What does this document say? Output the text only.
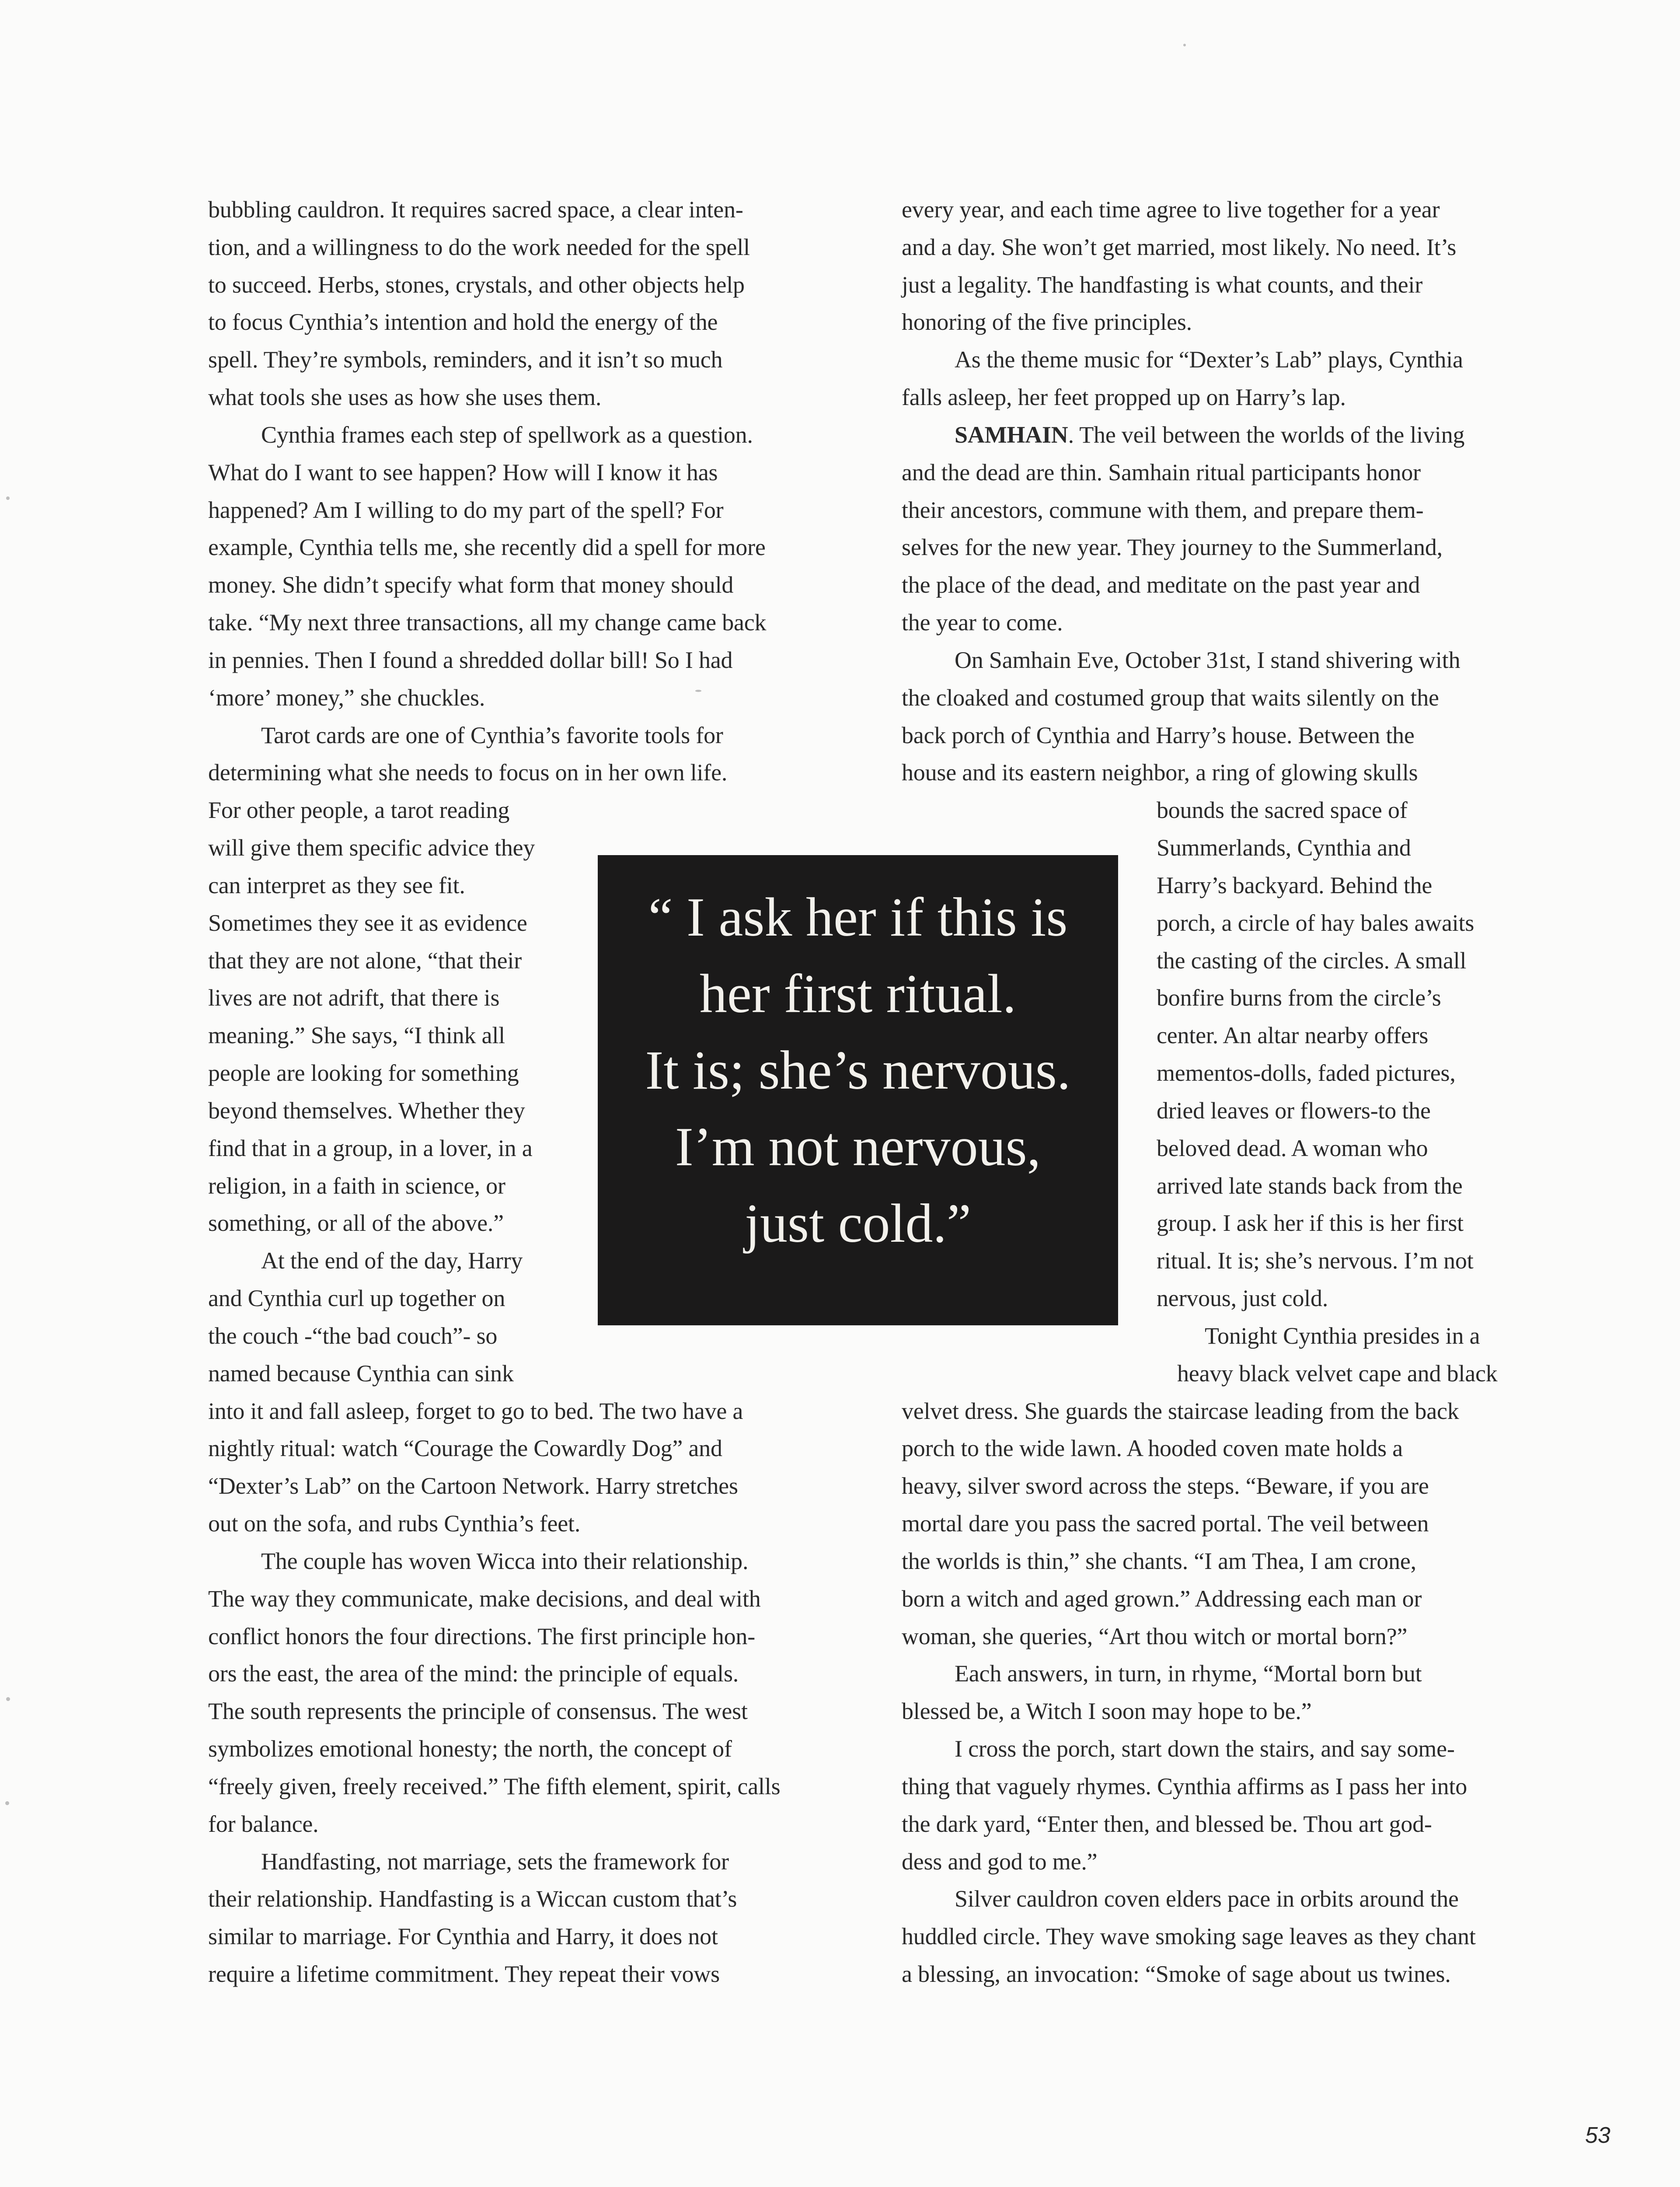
bubbling cauldron. It requires sacred space, a clear inten-
tion, and a willingness to do the work needed for the spell
to succeed. Herbs, stones, crystals, and other objects help
to focus Cynthia’s intention and hold the energy of the
spell. They’re symbols, reminders, and it isn’t so much
what tools she uses as how she uses them.
Cynthia frames each step of spellwork as a question.
What do I want to see happen? How will I know it has
happened? Am I willing to do my part of the spell? For
example, Cynthia tells me, she recently did a spell for more
money. She didn’t specify what form that money should
take. “My next three transactions, all my change came back
in pennies. Then I found a shredded dollar bill! So I had
‘more’ money,” she chuckles.
Tarot cards are one of Cynthia’s favorite tools for
determining what she needs to focus on in her own life.
For other people, a tarot reading
will give them specific advice they
can interpret as they see fit.
Sometimes they see it as evidence
that they are not alone, “that their
lives are not adrift, that there is
meaning.” She says, “I think all
people are looking for something
beyond themselves. Whether they
find that in a group, in a lover, in a
religion, in a faith in science, or
something, or all of the above.”
At the end of the day, Harry
and Cynthia curl up together on
the couch -“the bad couch”- so
named because Cynthia can sink
into it and fall asleep, forget to go to bed. The two have a
nightly ritual: watch “Courage the Cowardly Dog” and
“Dexter’s Lab” on the Cartoon Network. Harry stretches
out on the sofa, and rubs Cynthia’s feet.
The couple has woven Wicca into their relationship.
The way they communicate, make decisions, and deal with
conflict honors the four directions. The first principle hon-
ors the east, the area of the mind: the principle of equals.
The south represents the principle of consensus. The west
symbolizes emotional honesty; the north, the concept of
“freely given, freely received.” The fifth element, spirit, calls
for balance.
Handfasting, not marriage, sets the framework for
their relationship. Handfasting is a Wiccan custom that’s
similar to marriage. For Cynthia and Harry, it does not
require a lifetime commitment. They repeat their vows
every year, and each time agree to live together for a year
and a day. She won’t get married, most likely. No need. It’s
just a legality. The handfasting is what counts, and their
honoring of the five principles.
As the theme music for “Dexter’s Lab” plays, Cynthia
falls asleep, her feet propped up on Harry’s lap.
SAMHAIN. The veil between the worlds of the living
and the dead are thin. Samhain ritual participants honor
their ancestors, commune with them, and prepare them-
selves for the new year. They journey to the Summerland,
the place of the dead, and meditate on the past year and
the year to come.
On Samhain Eve, October 31st, I stand shivering with
the cloaked and costumed group that waits silently on the
back porch of Cynthia and Harry’s house. Between the
house and its eastern neighbor, a ring of glowing skulls
bounds the sacred space of
Summerlands, Cynthia and
Harry’s backyard. Behind the
porch, a circle of hay bales awaits
the casting of the circles. A small
bonfire burns from the circle’s
center. An altar nearby offers
mementos-dolls, faded pictures,
dried leaves or flowers-to the
beloved dead. A woman who
arrived late stands back from the
group. I ask her if this is her first
ritual. It is; she’s nervous. I’m not
nervous, just cold.
Tonight Cynthia presides in a
heavy black velvet cape and black
velvet dress. She guards the staircase leading from the back
porch to the wide lawn. A hooded coven mate holds a
heavy, silver sword across the steps. “Beware, if you are
mortal dare you pass the sacred portal. The veil between
the worlds is thin,” she chants. “I am Thea, I am crone,
born a witch and aged grown.” Addressing each man or
woman, she queries, “Art thou witch or mortal born?”
Each answers, in turn, in rhyme, “Mortal born but
blessed be, a Witch I soon may hope to be.”
I cross the porch, start down the stairs, and say some-
thing that vaguely rhymes. Cynthia affirms as I pass her into
the dark yard, “Enter then, and blessed be. Thou art god-
dess and god to me.”
Silver cauldron coven elders pace in orbits around the
huddled circle. They wave smoking sage leaves as they chant
a blessing, an invocation: “Smoke of sage about us twines.
“ I ask her if this is
her first ritual.
It is; she’s nervous.
I’m not nervous,
just cold.”
53
